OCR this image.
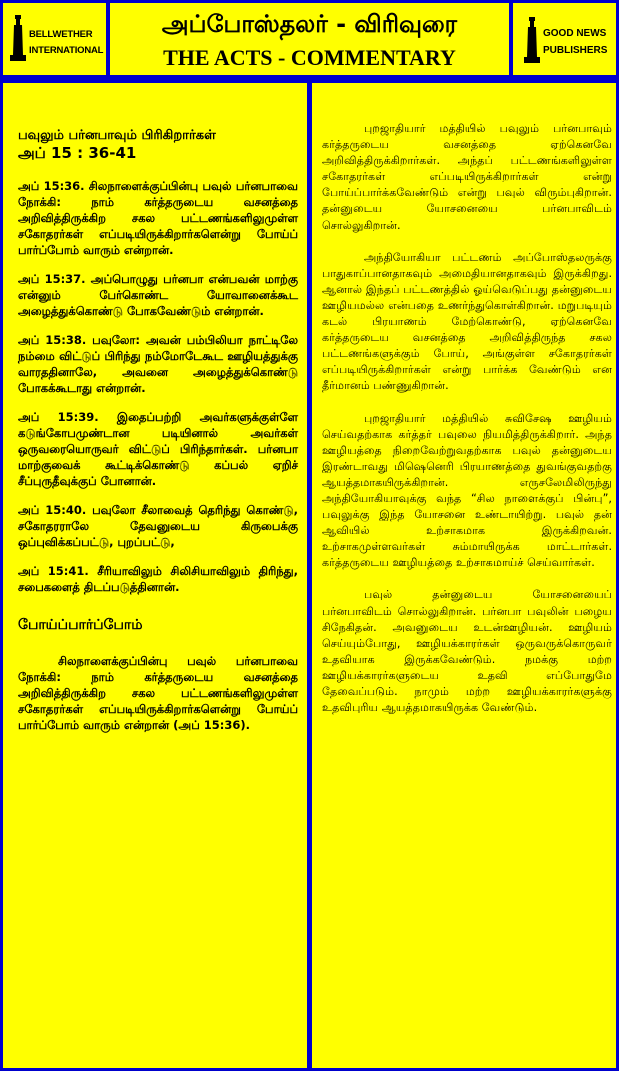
BELLWETHER
INTERNATIONAL
அப்போஸ்தலர் - விரிவுரை
THE ACTS - COMMENTARY
GOOD NEWS
PUBLISHERS
பவுலும் பர்னபாவும் பிரிகிறார்கள்
அப் 15 : 36-41

அப் 15:36. சிலநாளைக்குப்பின்பு பவுல் பர்னபாவை நோக்கி: நாம் கர்த்தருடைய வசனத்தை அறிவித்திருக்கிற சகல பட்டணங்களிலுமுள்ள சகோதரர்கள் எப்படியிருக்கிறார்களென்று போய்ப் பார்ப்போம் வாரும் என்றான்.

அப் 15:37. அப்பொழுது பர்னபா என்பவன் மாற்கு என்னும் பேர்கொண்ட யோவானைக்கூட அழைத்துக்கொண்டு போகவேண்டும் என்றான்.

அப் 15:38. பவுலோ: அவன் பம்பிலியா நாட்டிலே நம்மை விட்டுப் பிரிந்து நம்மோடேகூட ஊழியத்துக்கு வாரததினாலே, அவனை அழைத்துக்கொண்டு போகக்கூடாது என்றான்.

அப் 15:39. இதைப்பற்றி அவர்களுக்குள்ளே கடுங்கோபமுண்டான படியினால் அவர்கள் ஒருவரையொருவர் விட்டுப் பிரிந்தார்கள். பர்னபா மாற்குவைக் கூட்டிக்கொண்டு கப்பல் ஏறிச் சீப்புருதீவுக்குப் போனான்.

அப் 15:40. பவுலோ சீலாவைத் தெரிந்து கொண்டு, சகோதரராலே தேவனுடைய கிருபைக்கு ஒப்புவிக்கப்பட்டு, புறப்பட்டு,

அப் 15:41. சீரியாவிலும் சிலிசியாவிலும் திரிந்து, சபைகளைத் திடப்படுத்தினான்.

போய்ப்பார்ப்போம்

சிலநாளைக்குப்பின்பு பவுல் பர்னபாவை நோக்கி: நாம் கர்த்தருடைய வசனத்தை அறிவித்திருக்கிற சகல பட்டணங்களிலுமுள்ள சகோதரர்கள் எப்படியிருக்கிறார்களென்று போய்ப் பார்ப்போம் வாரும் என்றான் (அப் 15:36).

புறஜாதியார் மத்தியில் பவுலும் பர்னபாவும் கர்த்தருடைய வசனத்தை ஏற்கெனவே அறிவித்திருக்கிறார்கள். அந்தப் பட்டணங்களிலுள்ள சகோதரர்கள் எப்படியிருக்கிறார்கள் என்று போய்ப்பார்க்கவேண்டும் என்று பவுல் விரும்புகிறான். தன்னுடைய யோசனையை பர்னபாவிடம் சொல்லுகிறான்.

அந்தியோகியா பட்டணம் அப்போஸ்தலருக்கு பாதுகாப்பானதாகவும் அமைதியானதாகவும் இருக்கிறது. ஆனால் இந்தப் பட்டணத்தில் ஓய்வெடுப்பது தன்னுடைய ஊழியமல்ல என்பதை உணர்ந்துகொள்கிறான். மறுபடியும் கடல் பிரயாணம் மேற்கொண்டு, ஏற்கெனவே கர்த்தருடைய வசனத்தை அறிவித்திருந்த சகல பட்டணங்களுக்கும் போய், அங்குள்ள சகோதரர்கள் எப்படியிருக்கிறார்கள் என்று பார்க்க வேண்டும் என தீர்மானம் பண்ணுகிறான்.

புறஜாதியார் மத்தியில் சுவிசேஷ ஊழியம் செய்வதற்காக கர்த்தர் பவுலை நியமித்திருக்கிறார். அந்த ஊழியத்தை நிறைவேற்றுவதற்காக பவுல் தன்னுடைய இரண்டாவது மிஷெனெரி பிரயாணத்தை துவங்குவதற்கு ஆயத்தமாகயிருக்கிறான். எருசலேமிலிருந்து அந்தியோகியாவுக்கு வந்த “சில நாளைக்குப் பின்பு”, பவுலுக்கு இந்த யோசனை உண்டாயிற்று. பவுல் தன் ஆவியில் உற்சாகமாக இருக்கிறவன். உற்சாகமுள்ளவர்கள் சும்மாயிருக்க மாட்டார்கள். கர்த்தருடைய ஊழியத்தை உற்சாகமாய்ச் செய்வார்கள்.

பவுல் தன்னுடைய யோசனையைப் பர்னபாவிடம் சொல்லுகிறான். பர்னபா பவுலின் பழைய சிநேகிதன். அவனுடைய உடன்ஊழியன். ஊழியம் செய்யும்போது, ஊழியக்காரர்கள் ஒருவருக்கொருவர் உதவியாக இருக்கவேண்டும். நமக்கு மற்ற ஊழியக்காரர்களுடைய உதவி எப்போதுமே தேவைப்படும். நாமும் மற்ற ஊழியக்காரர்களுக்கு உதவிபுரிய ஆயத்தமாகயிருக்க வேண்டும்.
